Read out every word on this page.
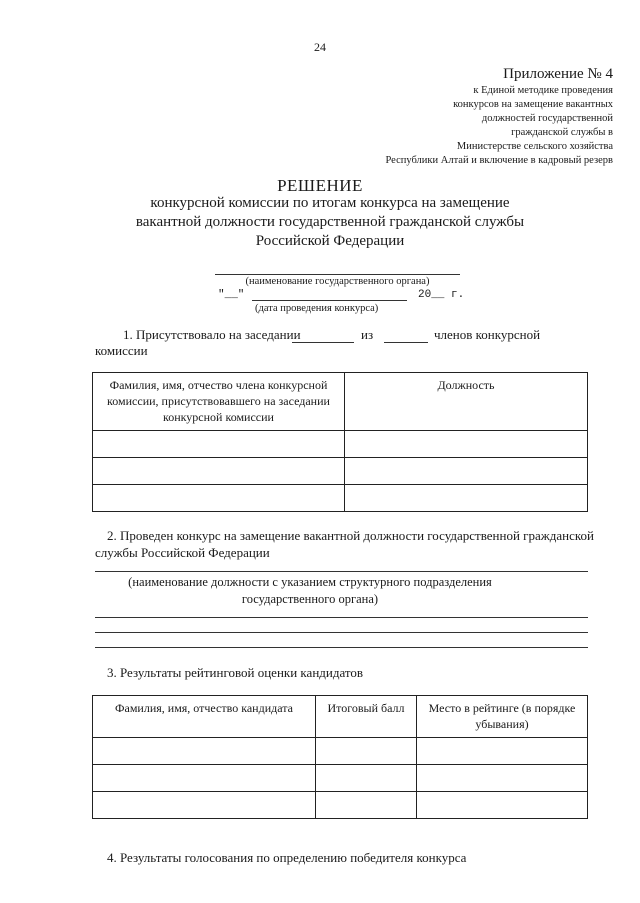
24
Приложение № 4
к Единой методике проведения
конкурсов на замещение вакантных
должностей государственной
гражданской службы в
Министерстве сельского хозяйства
Республики Алтай и включение в кадровый резерв
РЕШЕНИЕ
конкурсной комиссии по итогам конкурса на замещение вакантной должности государственной гражданской службы Российской Федерации
(наименование государственного органа)
"__"	20__ г.
(дата проведения конкурса)
1. Присутствовало на заседании	из	членов конкурсной
комиссии
Фамилия, имя, отчество члена конкурсной комиссии, присутствовавшего на заседании конкурсной комиссии	Должность

2. Проведен конкурс на замещение вакантной должности государственной гражданской службы Российской Федерации
(наименование должности с указанием структурного подразделения государственного органа)
3. Результаты рейтинговой оценки кандидатов
Фамилия, имя, отчество кандидата	Итоговый балл	Место в рейтинге (в порядке убывания)

4. Результаты голосования по определению победителя конкурса
